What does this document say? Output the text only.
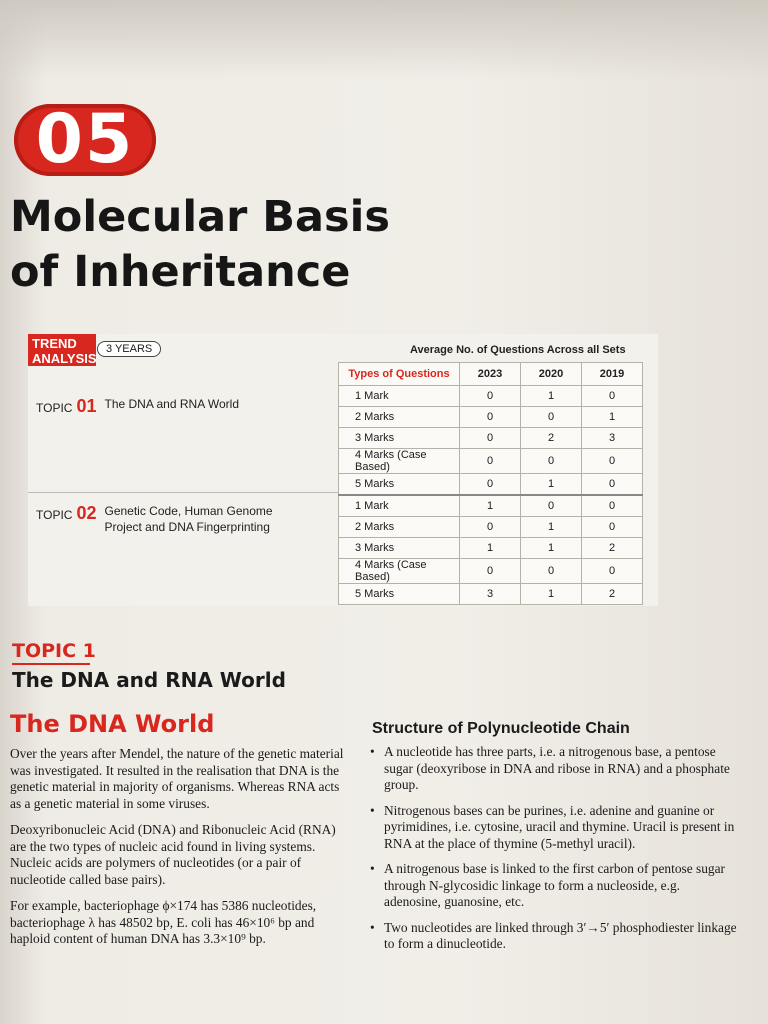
05
Molecular Basis
of Inheritance
TREND
ANALYSIS
3 YEARS	Average No. of Questions Across all Sets
TOPIC 01 The DNA and RNA World
TOPIC 02 Genetic Code, Human Genome Project and DNA Fingerprinting
Types of Questions	2023	2020	2019
1 Mark	0	1	0
2 Marks	0	0	1
3 Marks	0	2	3
4 Marks (Case Based)	0	0	0
5 Marks	0	1	0
1 Mark	1	0	0
2 Marks	0	1	0
3 Marks	1	1	2
4 Marks (Case Based)	0	0	0
5 Marks	3	1	2
TOPIC 1
The DNA and RNA World
The DNA World

Over the years after Mendel, the nature of the genetic material was investigated. It resulted in the realisation that DNA is the genetic material in majority of organisms. Whereas RNA acts as a genetic material in some viruses.

Deoxyribonucleic Acid (DNA) and Ribonucleic Acid (RNA) are the two types of nucleic acid found in living systems. Nucleic acids are polymers of nucleotides (or a pair of nucleotide called base pairs).

For example, bacteriophage ϕ×174 has 5386 nucleotides, bacteriophage λ has 48502 bp, E. coli has 46×10⁶ bp and haploid content of human DNA has 3.3×10⁹ bp.

Structure of Polynucleotide Chain
• A nucleotide has three parts, i.e. a nitrogenous base, a pentose sugar (deoxyribose in DNA and ribose in RNA) and a phosphate group.
• Nitrogenous bases can be purines, i.e. adenine and guanine or pyrimidines, i.e. cytosine, uracil and thymine. Uracil is present in RNA at the place of thymine (5-methyl uracil).
• A nitrogenous base is linked to the first carbon of pentose sugar through N-glycosidic linkage to form a nucleoside, e.g. adenosine, guanosine, etc.
• Two nucleotides are linked through 3′→5′ phosphodiester linkage to form a dinucleotide.
